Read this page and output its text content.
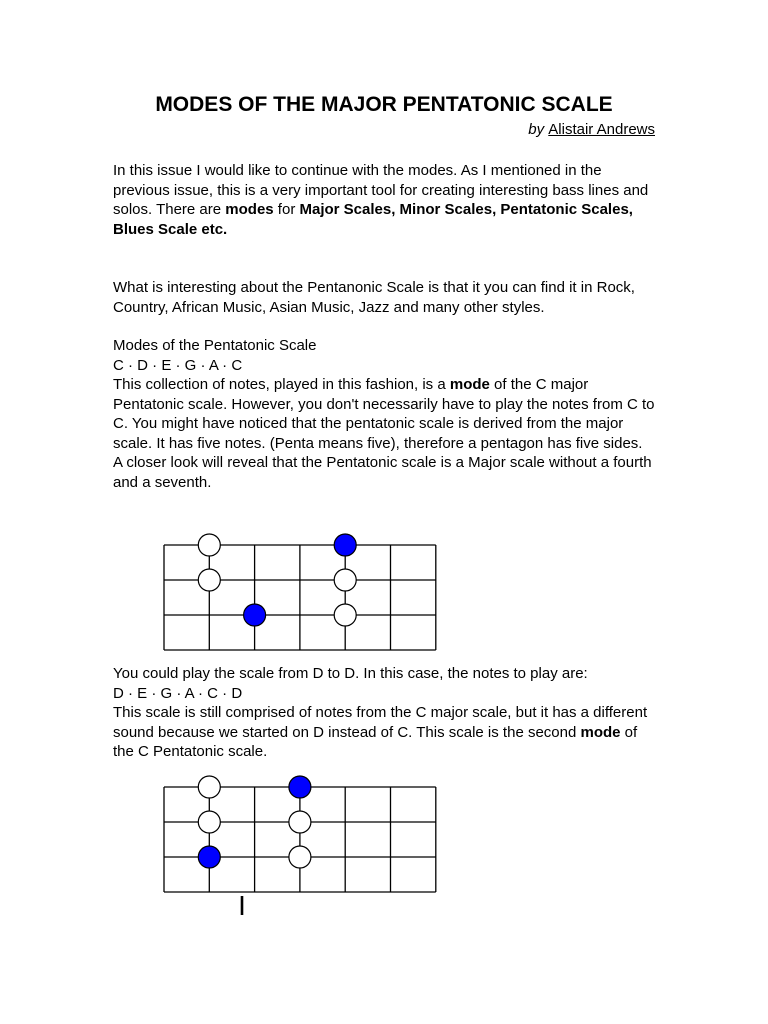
MODES OF THE MAJOR PENTATONIC SCALE
by Alistair Andrews

In this issue I would like to continue with the modes. As I mentioned in the previous issue, this is a very important tool for creating interesting bass lines and solos. There are modes for Major Scales, Minor Scales, Pentatonic Scales, Blues Scale etc.

What is interesting about the Pentanonic Scale is that it you can find it in Rock, Country, African Music, Asian Music, Jazz and many other styles.

Modes of the Pentatonic Scale
C · D · E · G · A · C
This collection of notes, played in this fashion, is a mode of the C major Pentatonic scale. However, you don't necessarily have to play the notes from C to C. You might have noticed that the pentatonic scale is derived from the major scale. It has five notes. (Penta means five), therefore a pentagon has five sides.
A closer look will reveal that the Pentatonic scale is a Major scale without a fourth and a seventh.
You could play the scale from D to D. In this case, the notes to play are:
D · E · G · A · C · D
This scale is still comprised of notes from the C major scale, but it has a different sound because we started on D instead of C. This scale is the second mode of the C Pentatonic scale.
